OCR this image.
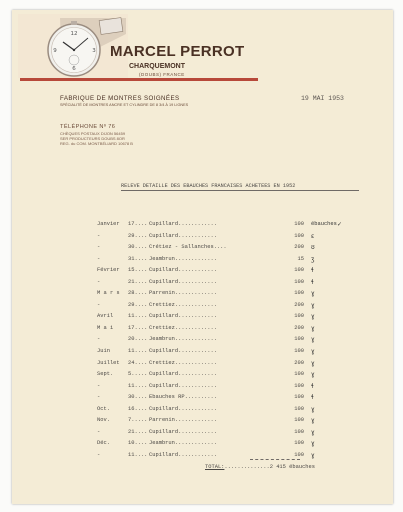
12
3
6
9	MARCEL PERROT
CHARQUEMONT
(DOUBS) FRANCE
FABRIQUE DE MONTRES SOIGNÉES
SPÉCIALITÉ DE MONTRES ANCRE ET CYLINDRE DE 8 3/4 À 19 LIGNES
TÉLÉPHONE Nº 76
CHÈQUES POSTAUX DIJON 56459
SER PRODUCTEURS DOUBS 8OR
REG. du COM. MONTBÉLIARD 10678 B
19 MAI 1953
RELEVE DETAILLE DES EBAUCHES FRANCAISES ACHETEES EN 1952
Janvier 17.... Cupillard............	100 ébauches ✓
-	29.... Cupillard............	100 ɛ
-	30.... Crétiez - Sallanches....	200 ʊ
-	31.... Jeambrun.............	15 ʒ
Février 15.... Cupillard............	100 ɬ
-	21.... Cupillard............	100 ɬ
M a r s 28.... Parrenin.............	100 ɣ
-	29.... Crettiez.............	200 ɣ
Avril	11.... Cupillard............	100 ɣ
M a i	17.... Crettiez.............	200 ɣ
-	20.... Jeambrun.............	100 ɣ
Juin	11.... Cupillard............	100 ɣ
Juillet 24.... Crettiez.............	200 ɣ
Sept.	5..... Cupillard............	100 ɣ
-	11.... Cupillard............	100 ɬ
-	30.... Ebauches RP..........	100 ɬ
Oct.	16.... Cupillard............	100 ɣ
Nov.	7..... Parrenin.............	100 ɣ
-	21.... Cupillard............	100 ɣ
Déc.	10.... Jeambrun.............	100 ɣ
-	11.... Cupillard............	100 ɣ
TOTAL:..............2 415 ébauches
